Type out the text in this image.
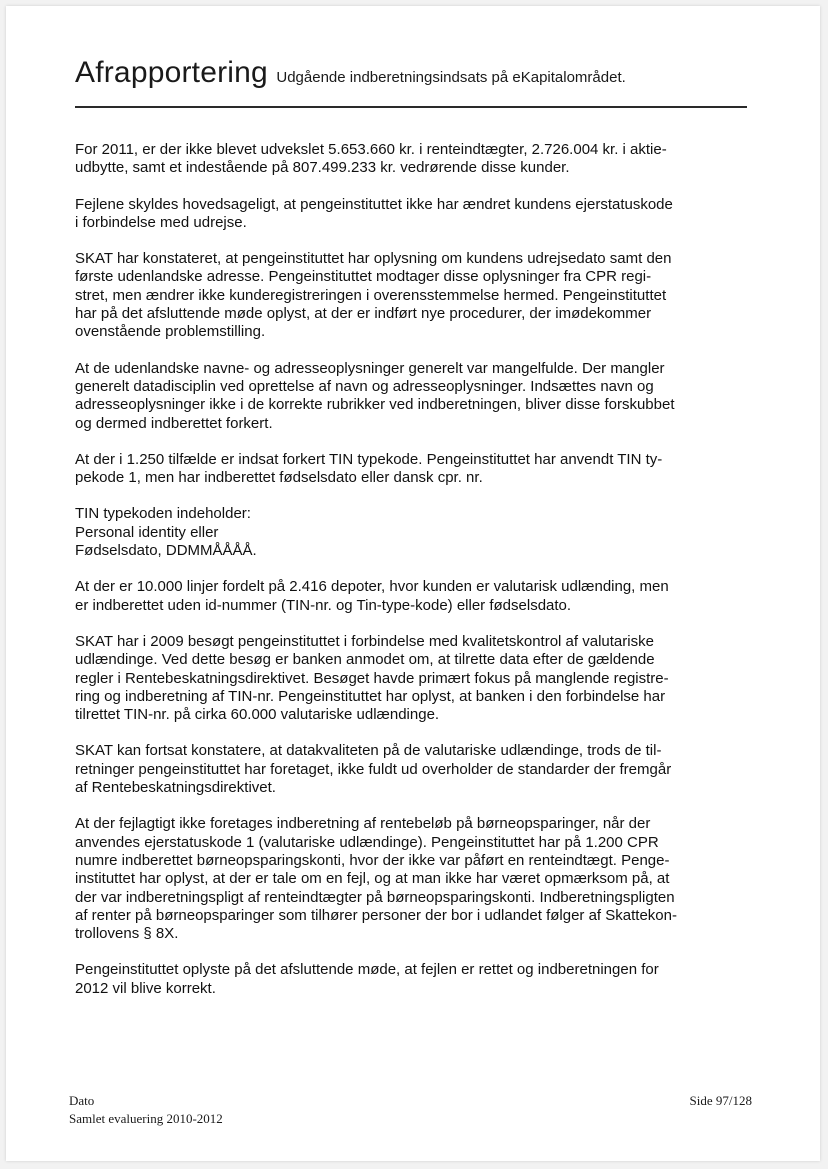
Afrapportering Udgående indberetningsindsats på eKapitalområdet.

For 2011, er der ikke blevet udvekslet 5.653.660 kr. i renteindtægter, 2.726.004 kr. i aktie-
udbytte, samt et indestående på 807.499.233 kr. vedrørende disse kunder.

Fejlene skyldes hovedsageligt, at pengeinstituttet ikke har ændret kundens ejerstatuskode
i forbindelse med udrejse.

SKAT har konstateret, at pengeinstituttet har oplysning om kundens udrejsedato samt den
første udenlandske adresse. Pengeinstituttet modtager disse oplysninger fra CPR regi-
stret, men ændrer ikke kunderegistreringen i overensstemmelse hermed. Pengeinstituttet
har på det afsluttende møde oplyst, at der er indført nye procedurer, der imødekommer
ovenstående problemstilling.

At de udenlandske navne- og adresseoplysninger generelt var mangelfulde. Der mangler
generelt datadisciplin ved oprettelse af navn og adresseoplysninger. Indsættes navn og
adresseoplysninger ikke i de korrekte rubrikker ved indberetningen, bliver disse forskubbet
og dermed indberettet forkert.

At der i 1.250 tilfælde er indsat forkert TIN typekode. Pengeinstituttet har anvendt TIN ty-
pekode 1, men har indberettet fødselsdato eller dansk cpr. nr.

TIN typekoden indeholder:
Personal identity eller
Fødselsdato, DDMMÅÅÅÅ.

At der er 10.000 linjer fordelt på 2.416 depoter, hvor kunden er valutarisk udlænding, men
er indberettet uden id-nummer (TIN-nr. og Tin-type-kode) eller fødselsdato.

SKAT har i 2009 besøgt pengeinstituttet i forbindelse med kvalitetskontrol af valutariske
udlændinge. Ved dette besøg er banken anmodet om, at tilrette data efter de gældende
regler i Rentebeskatningsdirektivet. Besøget havde primært fokus på manglende registre-
ring og indberetning af TIN-nr. Pengeinstituttet har oplyst, at banken i den forbindelse har
tilrettet TIN-nr. på cirka 60.000 valutariske udlændinge.

SKAT kan fortsat konstatere, at datakvaliteten på de valutariske udlændinge, trods de til-
retninger pengeinstituttet har foretaget, ikke fuldt ud overholder de standarder der fremgår
af Rentebeskatningsdirektivet.

At der fejlagtigt ikke foretages indberetning af rentebeløb på børneopsparinger, når der
anvendes ejerstatuskode 1 (valutariske udlændinge). Pengeinstituttet har på 1.200 CPR
numre indberettet børneopsparingskonti, hvor der ikke var påført en renteindtægt. Penge-
instituttet har oplyst, at der er tale om en fejl, og at man ikke har været opmærksom på, at
der var indberetningspligt af renteindtægter på børneopsparingskonti. Indberetningspligten
af renter på børneopsparinger som tilhører personer der bor i udlandet følger af Skattekon-
trollovens § 8X.

Pengeinstituttet oplyste på det afsluttende møde, at fejlen er rettet og indberetningen for
2012 vil blive korrekt.

Dato
Samlet evaluering 2010-2012
Side 97/128
